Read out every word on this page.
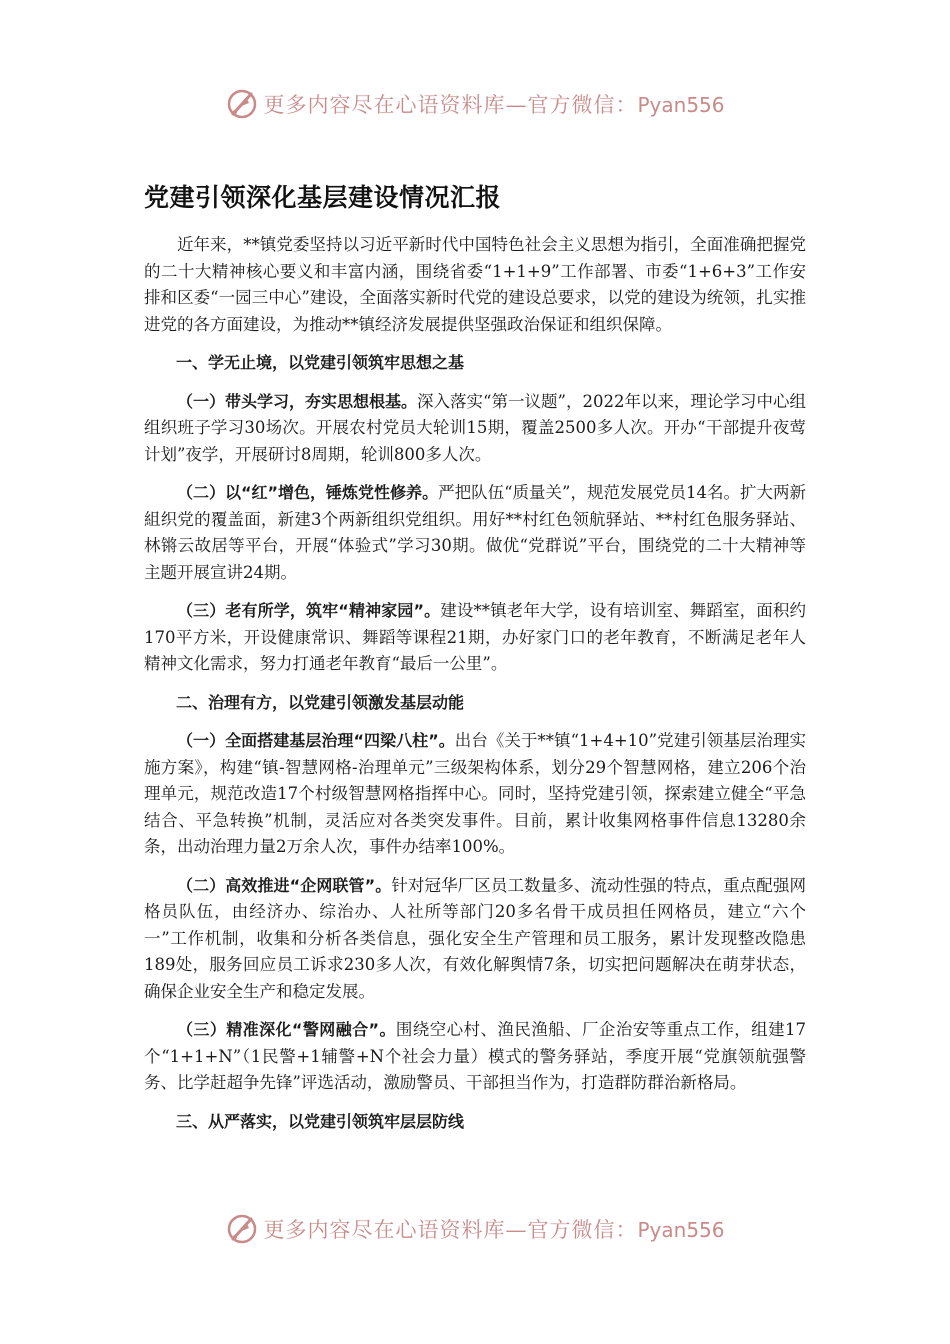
更多内容尽在心语资料库—官方微信：Pyan556
党建引领深化基层建设情况汇报

近年来，**镇党委坚持以习近平新时代中国特色社会主义思想为指引，全面准确把握党的二十大精神核心要义和丰富内涵，围绕省委“1+1+9”工作部署、市委“1+6+3”工作安排和区委“一园三中心”建设，全面落实新时代党的建设总要求，以党的建设为统领，扎实推进党的各方面建设，为推动**镇经济发展提供坚强政治保证和组织保障。

一、学无止境，以党建引领筑牢思想之基

（一）带头学习，夯实思想根基。深入落实“第一议题”，2022年以来，理论学习中心组组织班子学习30场次。开展农村党员大轮训15期，覆盖2500多人次。开办“干部提升夜莺计划”夜学，开展研讨8周期，轮训800多人次。

（二）以“红”增色，锤炼党性修养。严把队伍“质量关”，规范发展党员14名。扩大两新組织党的覆盖面，新建3个两新组织党组织。用好**村红色领航驿站、**村红色服务驿站、林锵云故居等平台，开展“体验式”学习30期。做优“党群说”平台，围绕党的二十大精神等主题开展宣讲24期。

（三）老有所学，筑牢“精神家园”。建设**镇老年大学，设有培训室、舞蹈室，面积约170平方米，开设健康常识、舞蹈等课程21期，办好家门口的老年教育，不断满足老年人精神文化需求，努力打通老年教育“最后一公里”。

二、治理有方，以党建引领激发基层动能

（一）全面搭建基层治理“四梁八柱”。出台《关于**镇“1+4+10”党建引领基层治理实施方案》，构建“镇-智慧网格-治理单元”三级架构体系，划分29个智慧网格，建立206个治理单元，规范改造17个村级智慧网格指挥中心。同时，坚持党建引领，探索建立健全“平急结合、平急转换”机制，灵活应对各类突发事件。目前，累计收集网格事件信息13280余条，出动治理力量2万余人次，事件办结率100%。

（二）高效推进“企网联管”。针对冠华厂区员工数量多、流动性强的特点，重点配强网格员队伍，由经济办、综治办、人社所等部门20多名骨干成员担任网格员，建立“六个一”工作机制，收集和分析各类信息，强化安全生产管理和员工服务，累计发现整改隐患189处，服务回应员工诉求230多人次，有效化解舆情7条，切实把问题解决在萌芽状态，确保企业安全生产和稳定发展。

（三）精准深化“警网融合”。围绕空心村、渔民渔船、厂企治安等重点工作，组建17个“1+1+N”（1民警+1辅警+N个社会力量）模式的警务驿站，季度开展“党旗领航强警务、比学赶超争先锋”评选活动，激励警员、干部担当作为，打造群防群治新格局。

三、从严落实，以党建引领筑牢层层防线
更多内容尽在心语资料库—官方微信：Pyan556
